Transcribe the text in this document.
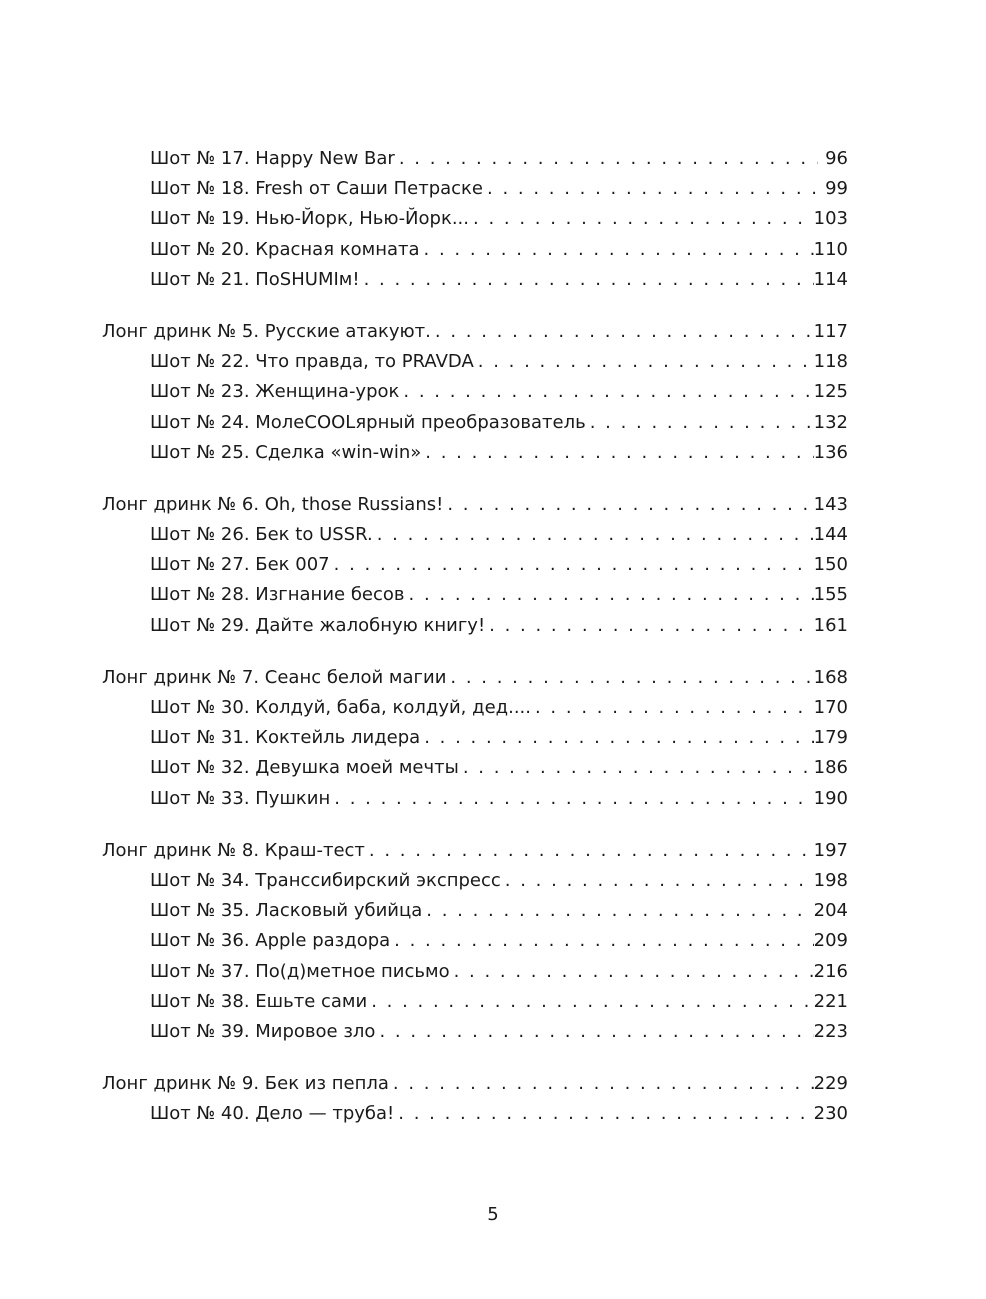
Шот № 17. Happy New Bar . . .	96
Шот № 18. Fresh от Саши Петраске . . .	99
Шот № 19. Нью-Йорк, Нью-Йорк... . . .	103
Шот № 20. Красная комната . . .	110
Шот № 21. ПоSHUMIм! . . .	114
Лонг дринк № 5. Русские атакуют. . . .	117
Шот № 22. Что правда, то PRAVDA . . .	118
Шот № 23. Женщина-урок . . .	125
Шот № 24. МолеCOOLярный преобразователь . . .	132
Шот № 25. Сделка «win-win» . . .	136
Лонг дринк № 6. Oh, those Russians! . . .	143
Шот № 26. Бек to USSR. . . .	144
Шот № 27. Бек 007 . . .	150
Шот № 28. Изгнание бесов . . .	155
Шот № 29. Дайте жалобную книгу! . . .	161
Лонг дринк № 7. Сеанс белой магии . . .	168
Шот № 30. Колдуй, баба, колдуй, дед.... . . .	170
Шот № 31. Коктейль лидера . . .	179
Шот № 32. Девушка моей мечты . . .	186
Шот № 33. Пушкин . . .	190
Лонг дринк № 8. Краш-тест . . .	197
Шот № 34. Транссибирский экспресс . . .	198
Шот № 35. Ласковый убийца . . .	204
Шот № 36. Apple раздора . . .	209
Шот № 37. По(д)метное письмо . . .	216
Шот № 38. Ешьте сами . . .	221
Шот № 39. Мировое зло . . .	223
Лонг дринк № 9. Бек из пепла . . .	229
Шот № 40. Дело — труба! . . .	230
5
